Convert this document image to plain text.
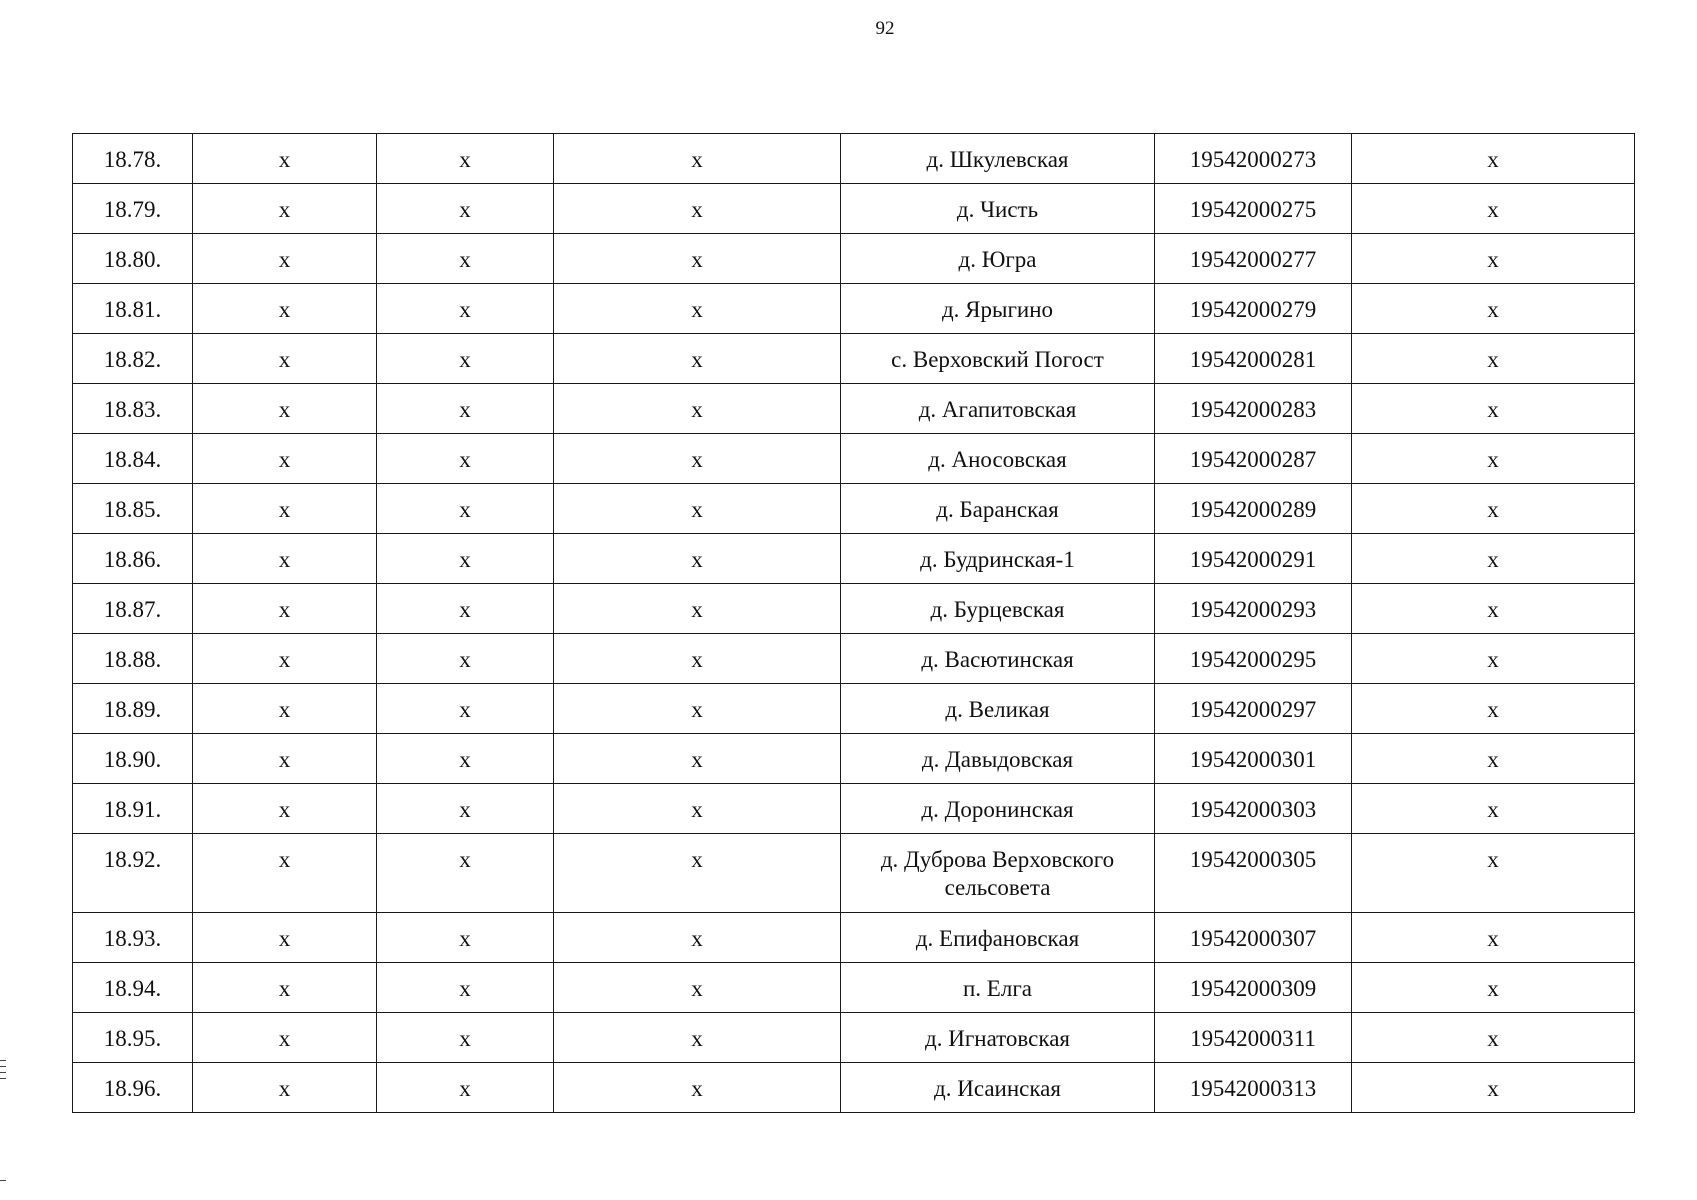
92
18.78.	x	x	x	д. Шкулевская	19542000273	x
18.79.	x	x	x	д. Чисть	19542000275	x
18.80.	x	x	x	д. Югра	19542000277	x
18.81.	x	x	x	д. Ярыгино	19542000279	x
18.82.	x	x	x	с. Верховский Погост	19542000281	x
18.83.	x	x	x	д. Агапитовская	19542000283	x
18.84.	x	x	x	д. Аносовская	19542000287	x
18.85.	x	x	x	д. Баранская	19542000289	x
18.86.	x	x	x	д. Будринская-1	19542000291	x
18.87.	x	x	x	д. Бурцевская	19542000293	x
18.88.	x	x	x	д. Васютинская	19542000295	x
18.89.	x	x	x	д. Великая	19542000297	x
18.90.	x	x	x	д. Давыдовская	19542000301	x
18.91.	x	x	x	д. Доронинская	19542000303	x
18.92.	x	x	x	д. Дуброва Верховского сельсовета	19542000305	x
18.93.	x	x	x	д. Епифановская	19542000307	x
18.94.	x	x	x	п. Елга	19542000309	x
18.95.	x	x	x	д. Игнатовская	19542000311	x
18.96.	x	x	x	д. Исаинская	19542000313	x
